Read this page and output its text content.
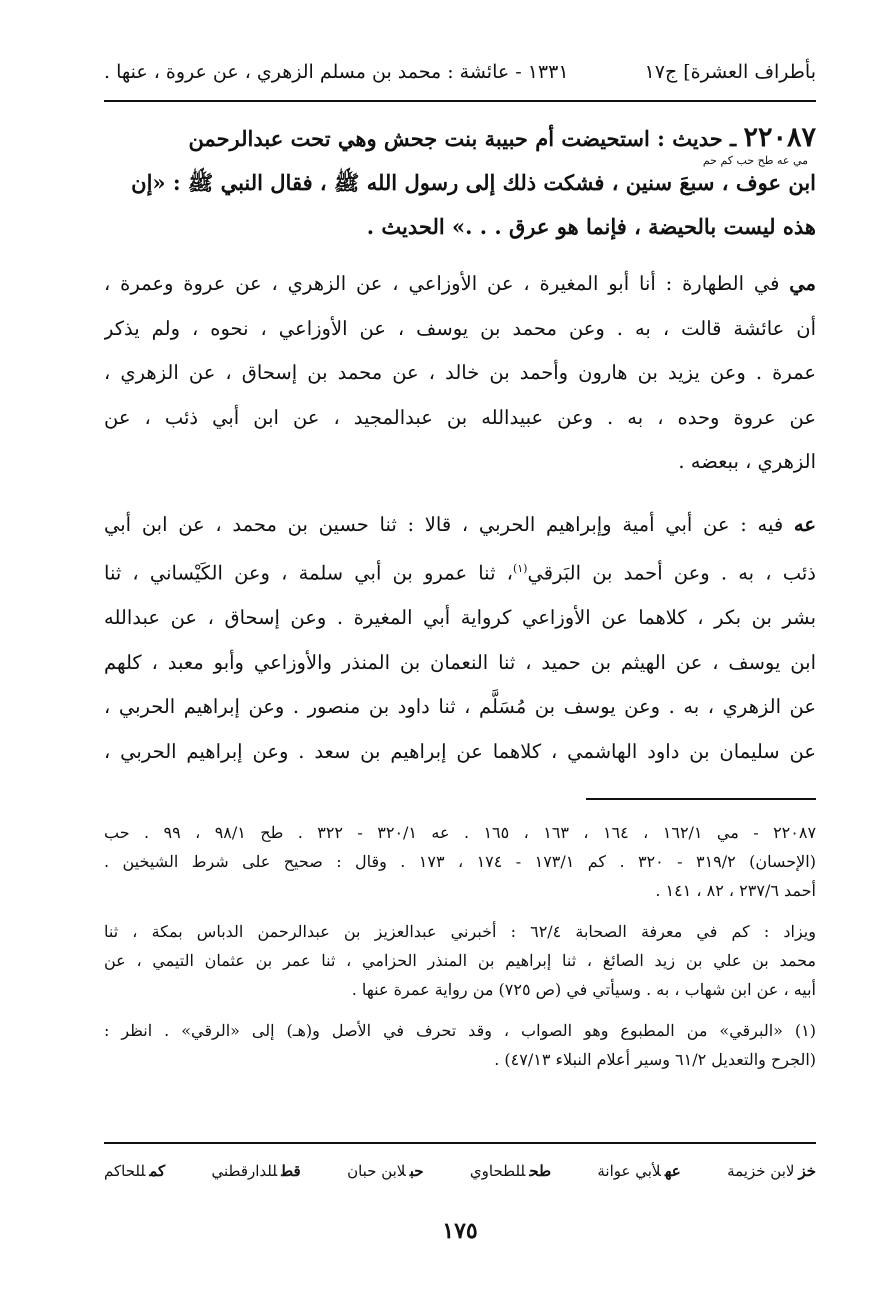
بأطراف العشرة] ج١٧
١٣٣١ - عائشة : محمد بن مسلم الزهري ، عن عروة ، عنها .
٢٢٠٨٧ ـ حديث : استحيضت أم حبيبة بنت جحش وهي تحت عبدالرحمن
مي عه طح حب كم حم
ابن عوف ، سبعَ سنين ، فشكت ذلك إلى رسول الله ﷺ ، فقال النبي ﷺ : «إن
هذه ليست بالحيضة ، فإنما هو عرق . . .» الحديث .
مي في الطهارة : أنا أبو المغيرة ، عن الأوزاعي ، عن الزهري ، عن عروة وعمرة ،
أن عائشة قالت ، به . وعن محمد بن يوسف ، عن الأوزاعي ، نحوه ، ولم يذكر
عمرة . وعن يزيد بن هارون وأحمد بن خالد ، عن محمد بن إسحاق ، عن الزهري ،
عن عروة وحده ، به . وعن عبيدالله بن عبدالمجيد ، عن ابن أبي ذئب ، عن
الزهري ، ببعضه .
عه فيه : عن أبي أمية وإبراهيم الحربي ، قالا : ثنا حسين بن محمد ، عن ابن أبي
ذئب ، به . وعن أحمد بن البَرقي$^{(١)}$، ثنا عمرو بن أبي سلمة ، وعن الكَيْساني ، ثنا
بشر بن بكر ، كلاهما عن الأوزاعي كرواية أبي المغيرة . وعن إسحاق ، عن عبدالله
ابن يوسف ، عن الهيثم بن حميد ، ثنا النعمان بن المنذر والأوزاعي وأبو معبد ، كلهم
عن الزهري ، به . وعن يوسف بن مُسَلَّم ، ثنا داود بن منصور . وعن إبراهيم الحربي ،
عن سليمان بن داود الهاشمي ، كلاهما عن إبراهيم بن سعد . وعن إبراهيم الحربي ،
٢٢٠٨٧ - مي ١٦٢/١ ، ١٦٤ ، ١٦٣ ، ١٦٥ . عه ٣٢٠/١ - ٣٢٢ . طح ٩٨/١ ، ٩٩ . حب
(الإحسان) ٣١٩/٢ - ٣٢٠ . كم ١٧٣/١ - ١٧٤ ، ١٧٣ . وقال : صحيح على شرط الشيخين .
أحمد ٢٣٧/٦ ، ٨٢ ، ١٤١ .
ويزاد : كم في معرفة الصحابة ٦٢/٤ : أخبرني عبدالعزيز بن عبدالرحمن الدباس بمكة ، ثنا
محمد بن علي بن زيد الصائغ ، ثنا إبراهيم بن المنذر الحزامي ، ثنا عمر بن عثمان التيمي ، عن
أبيه ، عن ابن شهاب ، به . وسيأتي في (ص ٧٢٥) من رواية عمرة عنها .
(١) «البرقي» من المطبوع وهو الصواب ، وقد تحرف في الأصل و(هـ) إلى «الرقي» . انظر :
(الجرح والتعديل ٦١/٢ وسير أعلام النبلاء ٤٧/١٣) .
خزلابن خزيمة
عهلأبي عوانة
طحللطحاوي
حبلابن حبان
قطللدارقطني
كمللحاكم
١٧٥
